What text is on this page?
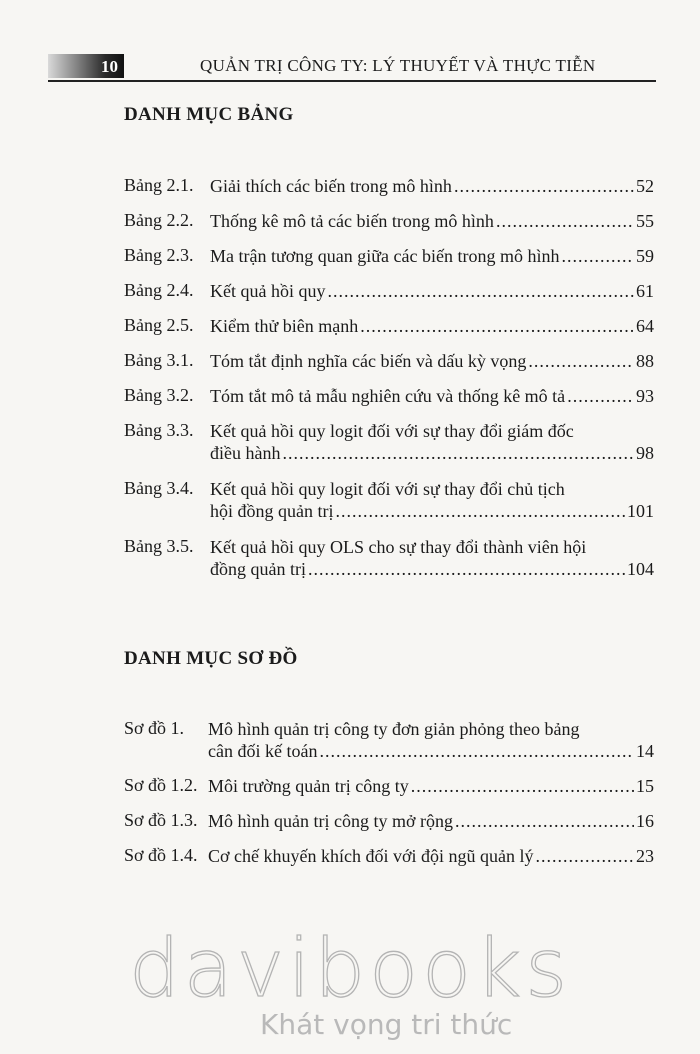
10	QUẢN TRỊ CÔNG TY: LÝ THUYẾT VÀ THỰC TIỄN
DANH MỤC BẢNG
Bảng 2.1. Giải thích các biến trong mô hình .....	52
Bảng 2.2. Thống kê mô tả các biến trong mô hình .....	55
Bảng 2.3. Ma trận tương quan giữa các biến trong mô hình .....	59
Bảng 2.4. Kết quả hồi quy .....	61
Bảng 2.5. Kiểm thử biên mạnh .....	64
Bảng 3.1. Tóm tắt định nghĩa các biến và dấu kỳ vọng .....	88
Bảng 3.2. Tóm tắt mô tả mẫu nghiên cứu và thống kê mô tả .....	93
Bảng 3.3. Kết quả hồi quy logit đối với sự thay đổi giám đốc
điều hành .....	98
Bảng 3.4. Kết quả hồi quy logit đối với sự thay đổi chủ tịch
hội đồng quản trị .....	101
Bảng 3.5. Kết quả hồi quy OLS cho sự thay đổi thành viên hội
đồng quản trị .....	104
DANH MỤC SƠ ĐỒ
Sơ đồ 1. Mô hình quản trị công ty đơn giản phỏng theo bảng
cân đối kế toán .....	14
Sơ đồ 1.2. Môi trường quản trị công ty .....	15
Sơ đồ 1.3. Mô hình quản trị công ty mở rộng .....	16
Sơ đồ 1.4. Cơ chế khuyến khích đối với đội ngũ quản lý .....	23
davibooks
Khát vọng tri thức
